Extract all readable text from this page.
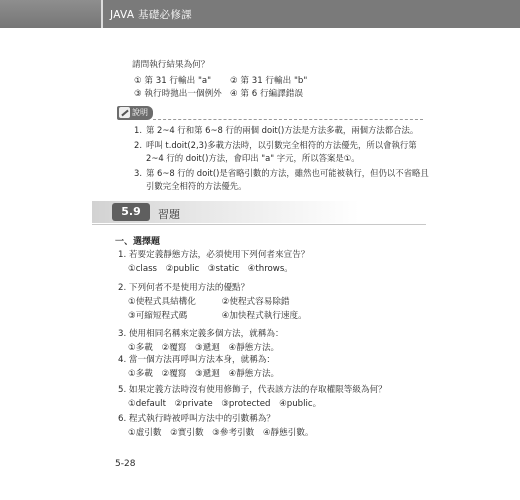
JAVA 基礎必修課
請問執行結果為何？
① 第 31 行輸出 "a" ② 第 31 行輸出 "b"
③ 執行時拋出一個例外 ④ 第 6 行編譯錯誤
說明
1. 第 2~4 行和第 6~8 行的兩個 doit()方法是方法多載，兩個方法都合法。
2. 呼叫 t.doit(2,3)多載方法時，以引數完全相符的方法優先，所以會執行第 2~4 行的 doit()方法，會印出 "a" 字元，所以答案是①。
3. 第 6~8 行的 doit()是省略引數的方法，雖然也可能被執行，但仍以不省略且引數完全相符的方法優先。
5.9	習題
一、選擇題
1. 若要定義靜態方法，必須使用下列何者來宣告？
①class　②public　③static　④throws。
2. 下列何者不是使用方法的優點？
①使程式具結構化　　　②使程式容易除錯
③可縮短程式碼　　　　④加快程式執行速度。
3. 使用相同名稱來定義多個方法，就稱為：
①多載　②覆寫　③遞迴　④靜態方法。
4. 當一個方法再呼叫方法本身，就稱為：
①多載　②覆寫　③遞迴　④靜態方法。
5. 如果定義方法時沒有使用修飾子，代表該方法的存取權限等級為何？
①default　②private　③protected　④public。
6. 程式執行時被呼叫方法中的引數稱為？
①虛引數　②實引數　③參考引數　④靜態引數。
5-28
